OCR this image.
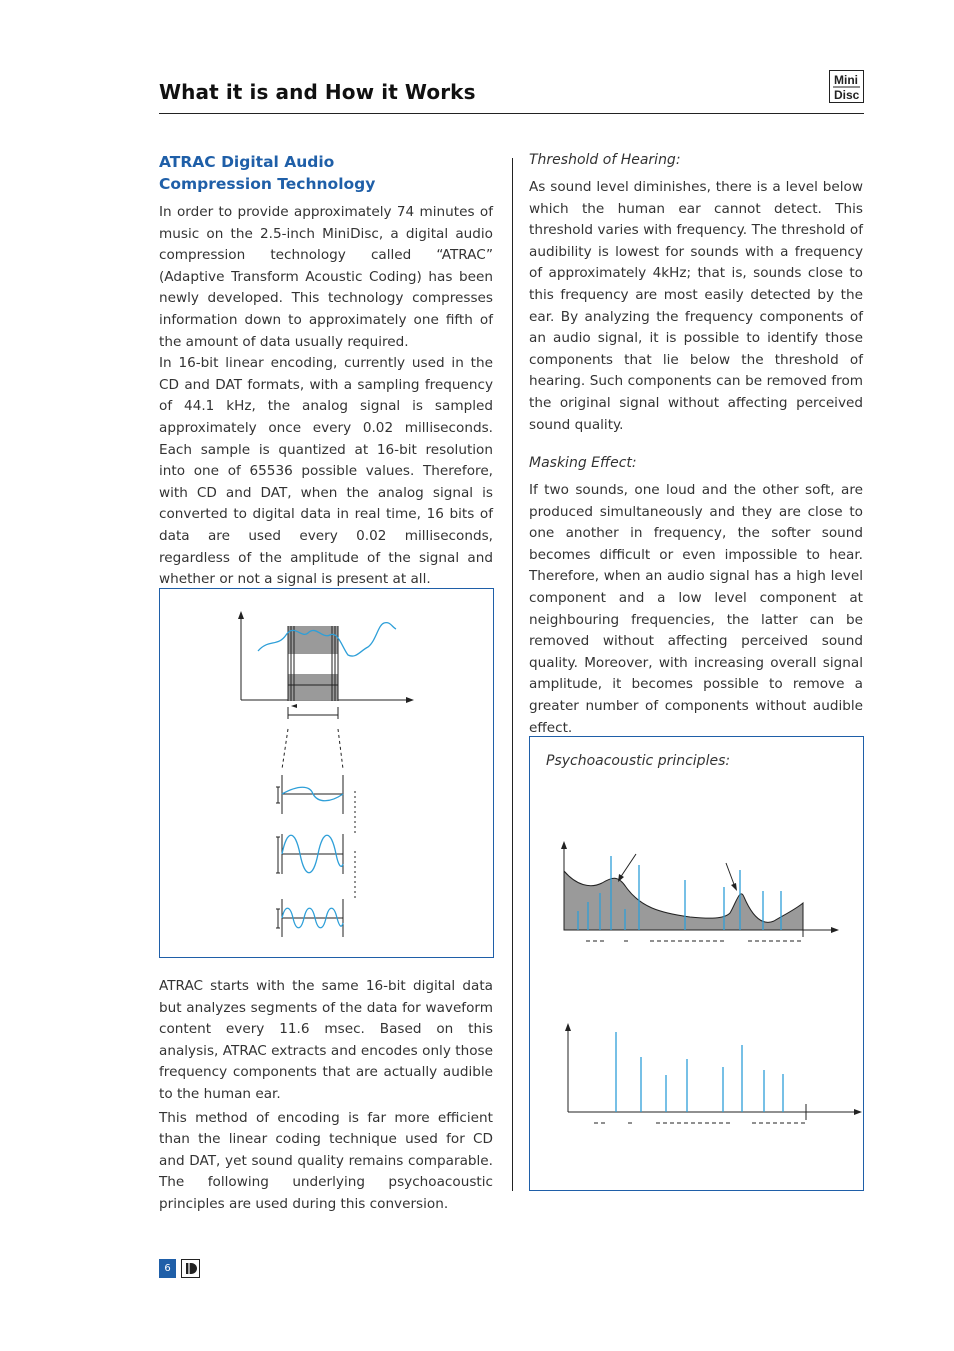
What it is and How it Works	Mini
Disc
ATRAC Digital Audio Compression Technology

In order to provide approximately 74 minutes of music on the 2.5-inch MiniDisc, a digital audio compression technology called “ATRAC” (Adaptive Transform Acoustic Coding) has been newly developed. This technology compresses information down to approximately one fifth of the amount of data usually required.

In 16-bit linear encoding, currently used in the CD and DAT formats, with a sampling frequency of 44.1 kHz, the analog signal is sampled approximately once every 0.02 milliseconds. Each sample is quantized at 16-bit resolution into one of 65536 possible values. Therefore, with CD and DAT, when the analog signal is converted to digital data in real time, 16 bits of data are used every 0.02 milliseconds, regardless of the amplitude of the signal and whether or not a signal is present at all.

ATRAC starts with the same 16-bit digital data but analyzes segments of the data for waveform content every 11.6 msec. Based on this analysis, ATRAC extracts and encodes only those frequency components that are actually audible to the human ear.

This method of encoding is far more efficient than the linear coding technique used for CD and DAT, yet sound quality remains comparable. The following underlying psychoacoustic principles are used during this conversion.

Threshold of Hearing:
As sound level diminishes, there is a level below which the human ear cannot detect. This threshold varies with frequency. The threshold of audibility is lowest for sounds with a frequency of approximately 4kHz; that is, sounds close to this frequency are most easily detected by the ear. By analyzing the frequency components of an audio signal, it is possible to identify those components that lie below the threshold of hearing. Such components can be removed from the original signal without affecting perceived sound quality.
Masking Effect:
If two sounds, one loud and the other soft, are produced simultaneously and they are close to one another in frequency, the softer sound becomes difficult or even impossible to hear. Therefore, when an audio signal has a high level component and a low level component at neighbouring frequencies, the latter can be removed without affecting perceived sound quality. Moreover, with increasing overall signal amplitude, it becomes possible to remove a greater number of components without audible effect.
Psychoacoustic principles:
6
